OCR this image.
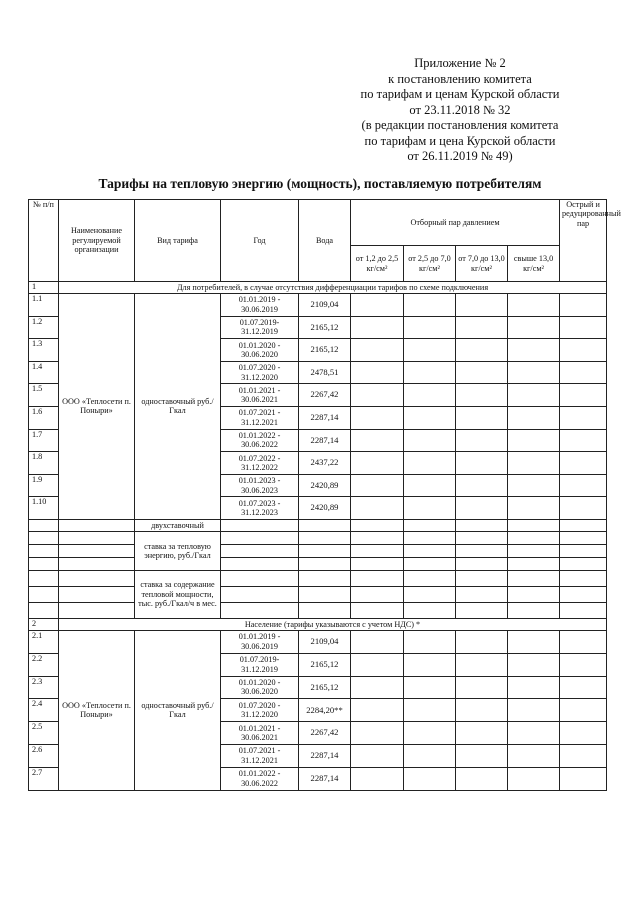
Приложение № 2
к постановлению комитета
по тарифам и ценам Курской области
от 23.11.2018 № 32
(в редакции постановления комитета
по тарифам и цена Курской области
от 26.11.2019 № 49)
Тарифы на тепловую энергию (мощность), поставляемую потребителям
№ п/п	Наименование регулируемой организации	Вид тарифа	Год	Вода	Отборный пар давлением				Острый и редуцированный пар
					от 1,2 до 2,5 кг/см²	от 2,5 до 7,0 кг/см²	от 7,0 до 13,0 кг/см²	свыше 13,0 кг/см²	
1	Для потребителей, в случае отсутствия дифференциации тарифов по схеме подключения								
1.1	ООО «Теплосети п. Поныри»	одноставочный руб./Гкал	01.01.2019 - 30.06.2019	2109,04					
1.2			01.07.2019- 31.12.2019	2165,12					
1.3			01.01.2020 - 30.06.2020	2165,12					
1.4			01.07.2020 - 31.12.2020	2478,51					
1.5			01.01.2021 - 30.06.2021	2267,42					
1.6			01.07.2021 - 31.12.2021	2287,14					
1.7			01.01.2022 - 30.06.2022	2287,14					
1.8			01.07.2022 - 31.12.2022	2437,22					
1.9			01.01.2023 - 30.06.2023	2420,89					
1.10			01.07.2023 - 31.12.2023	2420,89					
		двухставочный							
		ставка за тепловую энергию, руб./Гкал							

		ставка за содержание тепловой мощности, тыс. руб./Гкал/ч в мес.							

2	Население (тарифы указываются с учетом НДС) *								
2.1	ООО «Теплосети п. Поныри»	одноставочный руб./Гкал	01.01.2019 - 30.06.2019	2109,04					
2.2			01.07.2019- 31.12.2019	2165,12					
2.3			01.01.2020 - 30.06.2020	2165,12					
2.4			01.07.2020 - 31.12.2020	2284,20**					
2.5			01.01.2021 - 30.06.2021	2267,42					
2.6			01.07.2021 - 31.12.2021	2287,14					
2.7			01.01.2022 - 30.06.2022	2287,14					
